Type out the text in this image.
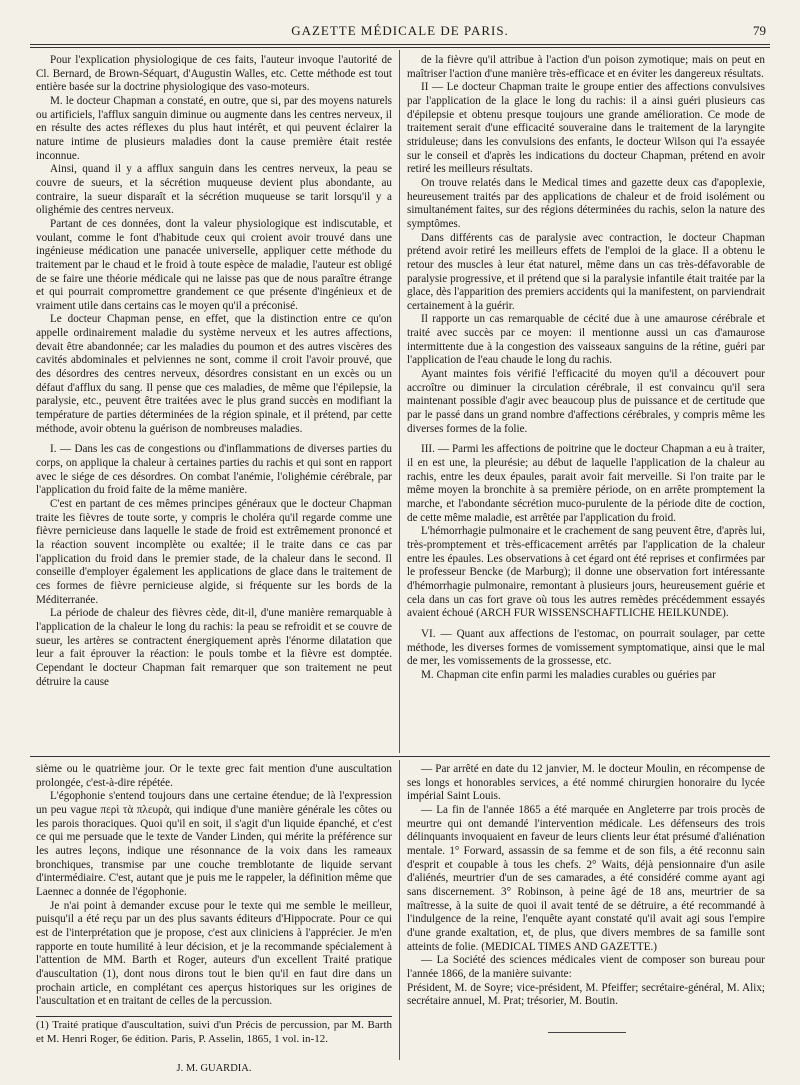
GAZETTE MÉDICALE DE PARIS.	79

Pour l'explication physiologique de ces faits, l'auteur invoque l'autorité de Cl. Bernard, de Brown-Séquart, d'Augustin Walles, etc. Cette méthode est tout entière basée sur la doctrine physiologique des vaso-moteurs.

M. le docteur Chapman a constaté, en outre, que si, par des moyens naturels ou artificiels, l'afflux sanguin diminue ou augmente dans les centres nerveux, il en résulte des actes réflexes du plus haut intérêt, et qui peuvent éclairer la nature intime de plusieurs maladies dont la cause première était restée inconnue.

Ainsi, quand il y a afflux sanguin dans les centres nerveux, la peau se couvre de sueurs, et la sécrétion muqueuse devient plus abondante, au contraire, la sueur disparaît et la sécrétion muqueuse se tarit lorsqu'il y a olighémie des centres nerveux.

Partant de ces données, dont la valeur physiologique est indiscutable, et voulant, comme le font d'habitude ceux qui croient avoir trouvé dans une ingénieuse médication une panacée universelle, appliquer cette méthode du traitement par le chaud et le froid à toute espèce de maladie, l'auteur est obligé de se faire une théorie médicale qui ne laisse pas que de nous paraître étrange et qui pourrait compromettre grandement ce que présente d'ingénieux et de vraiment utile dans certains cas le moyen qu'il a préconisé.

Le docteur Chapman pense, en effet, que la distinction entre ce qu'on appelle ordinairement maladie du système nerveux et les autres affections, devait être abandonnée; car les maladies du poumon et des autres viscères des cavités abdominales et pelviennes ne sont, comme il croit l'avoir prouvé, que des désordres des centres nerveux, désordres consistant en un excès ou un défaut d'afflux du sang. Il pense que ces maladies, de même que l'épilepsie, la paralysie, etc., peuvent être traitées avec le plus grand succès en modifiant la température de parties déterminées de la région spinale, et il prétend, par cette méthode, avoir obtenu la guérison de nombreuses maladies.

I. — Dans les cas de congestions ou d'inflammations de diverses parties du corps, on applique la chaleur à certaines parties du rachis et qui sont en rapport avec le siége de ces désordres. On combat l'anémie, l'olighémie cérébrale, par l'application du froid faite de la même manière.

C'est en partant de ces mêmes principes généraux que le docteur Chapman traite les fièvres de toute sorte, y compris le choléra qu'il regarde comme une fièvre pernicieuse dans laquelle le stade de froid est extrêmement prononcé et la réaction souvent incomplète ou exaltée; il le traite dans ce cas par l'application du froid dans le premier stade, de la chaleur dans le second. Il conseille d'employer également les applications de glace dans le traitement de ces formes de fièvre pernicieuse algide, si fréquente sur les bords de la Méditerranée.

La période de chaleur des fièvres cède, dit-il, d'une manière remarquable à l'application de la chaleur le long du rachis: la peau se refroidit et se couvre de sueur, les artères se contractent énergiquement après l'énorme dilatation que leur a fait éprouver la réaction: le pouls tombe et la fièvre est domptée. Cependant le docteur Chapman fait remarquer que son traitement ne peut détruire la cause

de la fièvre qu'il attribue à l'action d'un poison zymotique; mais on peut en maîtriser l'action d'une manière très-efficace et en éviter les dangereux résultats.

II — Le docteur Chapman traite le groupe entier des affections convulsives par l'application de la glace le long du rachis: il a ainsi guéri plusieurs cas d'épilepsie et obtenu presque toujours une grande amélioration. Ce mode de traitement serait d'une efficacité souveraine dans le traitement de la laryngite striduleuse; dans les convulsions des enfants, le docteur Wilson qui l'a essayée sur le conseil et d'après les indications du docteur Chapman, prétend en avoir retiré les meilleurs résultats.

On trouve relatés dans le Medical times and gazette deux cas d'apoplexie, heureusement traités par des applications de chaleur et de froid isolément ou simultanément faites, sur des régions déterminées du rachis, selon la nature des symptômes.

Dans différents cas de paralysie avec contraction, le docteur Chapman prétend avoir retiré les meilleurs effets de l'emploi de la glace. Il a obtenu le retour des muscles à leur état naturel, même dans un cas très-défavorable de paralysie progressive, et il prétend que si la paralysie infantile était traitée par la glace, dès l'apparition des premiers accidents qui la manifestent, on parviendrait certainement à la guérir.

Il rapporte un cas remarquable de cécité due à une amaurose cérébrale et traité avec succès par ce moyen: il mentionne aussi un cas d'amaurose intermittente due à la congestion des vaisseaux sanguins de la rétine, guéri par l'application de l'eau chaude le long du rachis.

Ayant maintes fois vérifié l'efficacité du moyen qu'il a découvert pour accroître ou diminuer la circulation cérébrale, il est convaincu qu'il sera maintenant possible d'agir avec beaucoup plus de puissance et de certitude que par le passé dans un grand nombre d'affections cérébrales, y compris même les diverses formes de la folie.

III. — Parmi les affections de poitrine que le docteur Chapman a eu à traiter, il en est une, la pleurésie; au début de laquelle l'application de la chaleur au rachis, entre les deux épaules, parait avoir fait merveille. Si l'on traite par le même moyen la bronchite à sa première période, on en arrête promptement la marche, et l'abondante sécrétion muco-purulente de la période dite de coction, de cette même maladie, est arrêtée par l'application du froid.

L'hémorrhagie pulmonaire et le crachement de sang peuvent être, d'après lui, très-promptement et très-efficacement arrêtés par l'application de la chaleur entre les épaules. Les observations à cet égard ont été reprises et confirmées par le professeur Bencke (de Marburg); il donne une observation fort intéressante d'hémorrhagie pulmonaire, remontant à plusieurs jours, heureusement guérie et cela dans un cas fort grave où tous les autres remèdes précédemment essayés avaient échoué (ARCH FUR WISSENSCHAFTLICHE HEILKUNDE).

VI. — Quant aux affections de l'estomac, on pourrait soulager, par cette méthode, les diverses formes de vomissement symptomatique, ainsi que le mal de mer, les vomissements de la grossesse, etc.

M. Chapman cite enfin parmi les maladies curables ou guéries par

sième ou le quatrième jour. Or le texte grec fait mention d'une auscultation prolongée, c'est-à-dire répétée.

L'égophonie s'entend toujours dans une certaine étendue; de là l'expression un peu vague περὶ τὰ πλευρὰ, qui indique d'une manière générale les côtes ou les parois thoraciques. Quoi qu'il en soit, il s'agit d'un liquide épanché, et c'est ce qui me persuade que le texte de Vander Linden, qui mérite la préférence sur les autres leçons, indique une résonnance de la voix dans les rameaux bronchiques, transmise par une couche tremblotante de liquide servant d'intermédiaire. C'est, autant que je puis me le rappeler, la définition même que Laennec a donnée de l'égophonie.

Je n'ai point à demander excuse pour le texte qui me semble le meilleur, puisqu'il a été reçu par un des plus savants éditeurs d'Hippocrate. Pour ce qui est de l'interprétation que je propose, c'est aux cliniciens à l'apprécier. Je m'en rapporte en toute humilité à leur décision, et je la recommande spécialement à l'attention de MM. Barth et Roger, auteurs d'un excellent Traité pratique d'auscultation (1), dont nous dirons tout le bien qu'il en faut dire dans un prochain article, en complétant ces aperçus historiques sur les origines de l'auscultation et en traitant de celles de la percussion.

(1) Traité pratique d'auscultation, suivi d'un Précis de percussion, par M. Barth et M. Henri Roger, 6e édition. Paris, P. Asselin, 1865, 1 vol. in-12.

J. M. GUARDIA.

— Par arrêté en date du 12 janvier, M. le docteur Moulin, en récompense de ses longs et honorables services, a été nommé chirurgien honoraire du lycée impérial Saint Louis.

— La fin de l'année 1865 a été marquée en Angleterre par trois procès de meurtre qui ont demandé l'intervention médicale. Les défenseurs des trois délinquants invoquaient en faveur de leurs clients leur état présumé d'aliénation mentale. 1° Forward, assassin de sa femme et de son fils, a été reconnu sain d'esprit et coupable à tous les chefs. 2° Waits, déjà pensionnaire d'un asile d'aliénés, meurtrier d'un de ses camarades, a été considéré comme ayant agi sans discernement. 3° Robinson, à peine âgé de 18 ans, meurtrier de sa maîtresse, à la suite de quoi il avait tenté de se détruire, a été recommandé à l'indulgence de la reine, l'enquête ayant constaté qu'il avait agi sous l'empire d'une grande exaltation, et, de plus, que divers membres de sa famille sont atteints de folie. (MEDICAL TIMES AND GAZETTE.)

— La Société des sciences médicales vient de composer son bureau pour l'année 1866, de la manière suivante:

Président, M. de Soyre; vice-président, M. Pfeiffer; secrétaire-général, M. Alix; secrétaire annuel, M. Prat; trésorier, M. Boutin.
